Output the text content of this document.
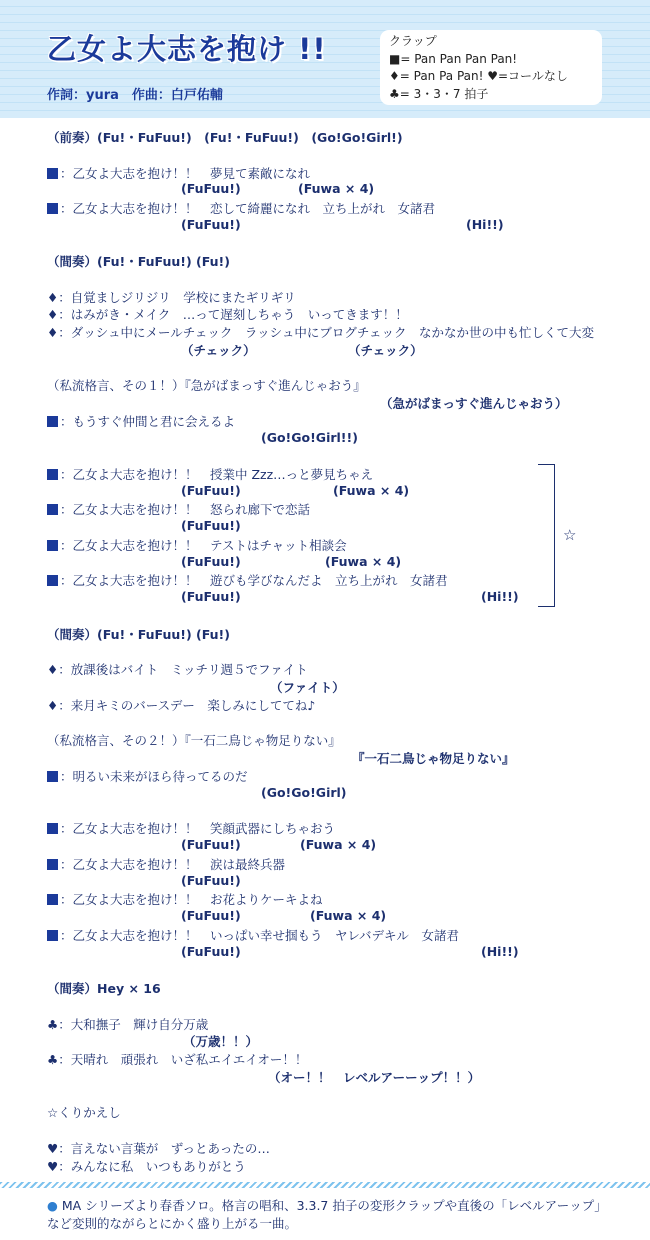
乙女よ大志を抱け !!
作詞：yura　作曲：白戸佑輔
クラップ
■= Pan Pan Pan Pan!
♦= Pan Pa Pan! ♥=コールなし
♣= 3・3・7 拍子
（前奏）(Fu!・FuFuu!)　(Fu!・FuFuu!)　(Go!Go!Girl!)
：乙女よ大志を抱け！！　夢見て素敵になれ
(FuFuu!)	(Fuwa × 4)
：乙女よ大志を抱け！！　恋して綺麗になれ　立ち上がれ　女諸君
(FuFuu!)	(Hi!!)
（間奏）(Fu!・FuFuu!) (Fu!)
♦：自覚ましジリジリ　学校にまたギリギリ
♦：はみがき・メイク　…って遅刻しちゃう　いってきます！！
♦：ダッシュ中にメールチェック　ラッシュ中にブログチェック　なかなか世の中も忙しくて大変
（チェック）	（チェック）
（私流格言、その１！）『急がばまっすぐ進んじゃおう』
（急がばまっすぐ進んじゃおう）
：もうすぐ仲間と君に会えるよ
(Go!Go!Girl!!)
：乙女よ大志を抱け！！　授業中 Zzz…っと夢見ちゃえ
(FuFuu!)	(Fuwa × 4)
：乙女よ大志を抱け！！　怒られ廊下で恋話
(FuFuu!)
：乙女よ大志を抱け！！　テストはチャット相談会
(FuFuu!)	(Fuwa × 4)
：乙女よ大志を抱け！！　遊びも学びなんだよ　立ち上がれ　女諸君
(FuFuu!)	(Hi!!)
☆
（間奏）(Fu!・FuFuu!) (Fu!)
♦：放課後はバイト　ミッチリ週５でファイト
（ファイト）
♦：来月キミのバースデー　楽しみにしててね♪
（私流格言、その２！）『一石二鳥じゃ物足りない』
『一石二鳥じゃ物足りない』
：明るい未来がほら待ってるのだ
(Go!Go!Girl)
：乙女よ大志を抱け！！　笑顔武器にしちゃおう
(FuFuu!)	(Fuwa × 4)
：乙女よ大志を抱け！！　涙は最終兵器
(FuFuu!)
：乙女よ大志を抱け！！　お花よりケーキよね
(FuFuu!)	(Fuwa × 4)
：乙女よ大志を抱け！！　いっぱい幸せ掴もう　ヤレバデキル　女諸君
(FuFuu!)	(Hi!!)
（間奏）Hey × 16
♣：大和撫子　輝け自分万歳
（万歳！！）
♣：天晴れ　頑張れ　いざ私エイエイオー！！
（オー！！　レベルアーーップ！！）
☆くりかえし
♥：言えない言葉が　ずっとあったの…
♥：みんなに私　いつもありがとう
● MA シリーズより春香ソロ。格言の唱和、3.3.7 拍子の変形クラップや直後の「レベルアーップ」など変則的ながらとにかく盛り上がる一曲。
